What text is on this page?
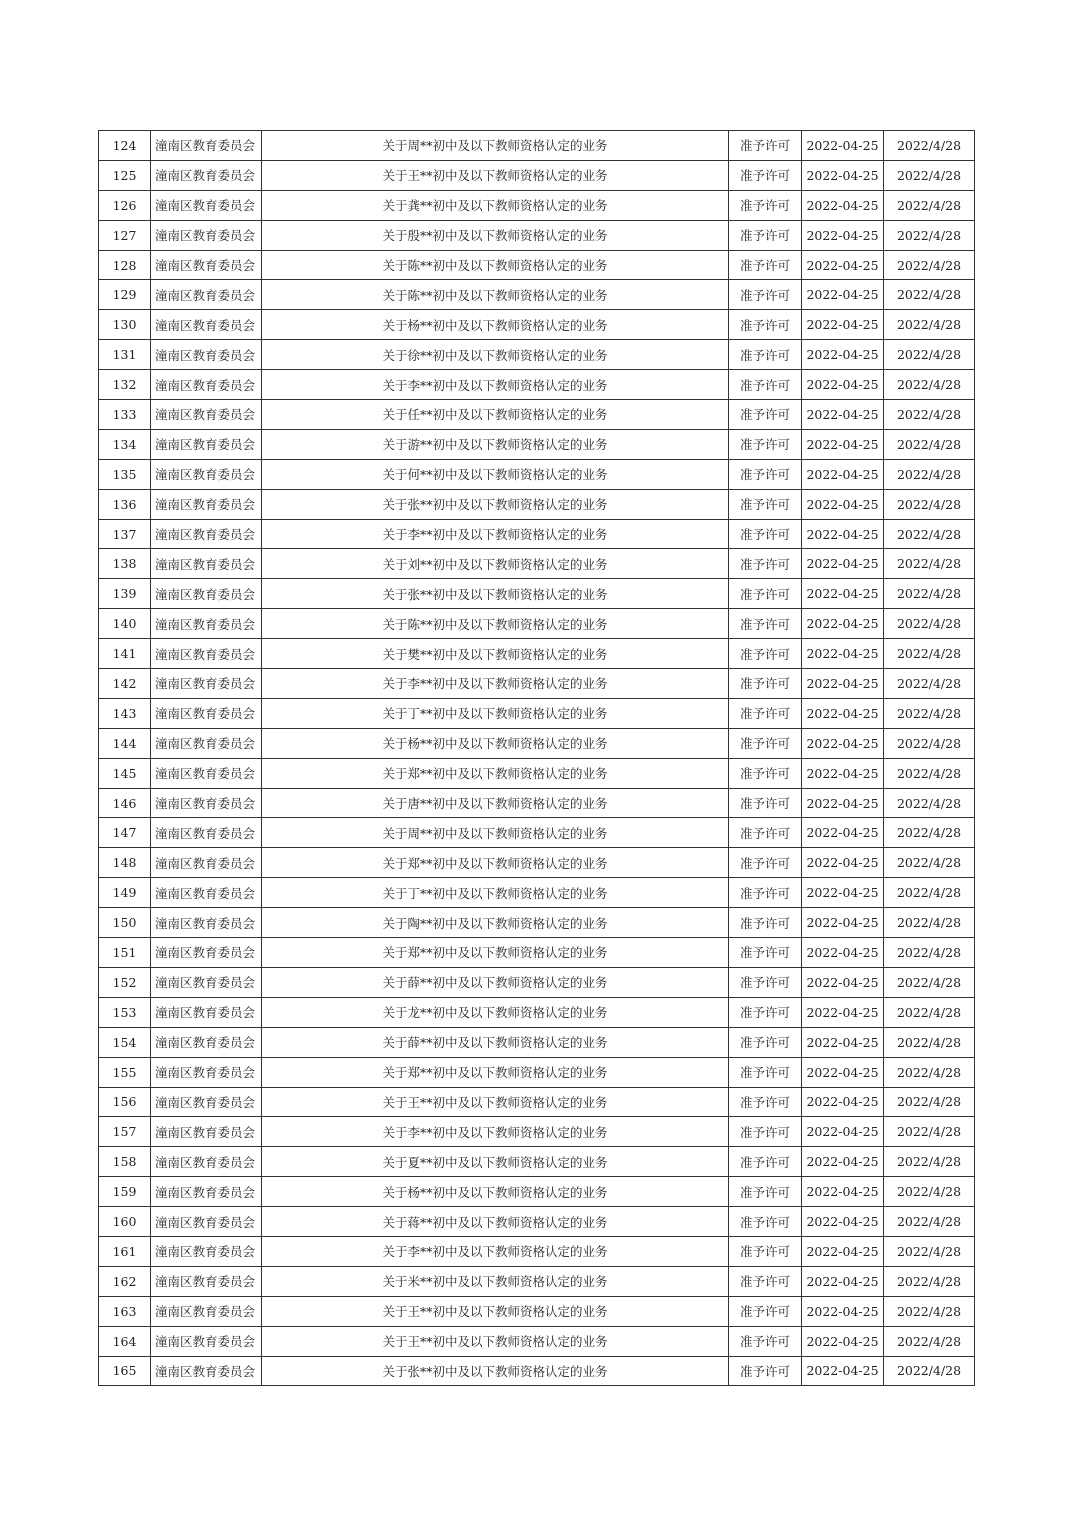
124	潼南区教育委员会	关于周**初中及以下教师资格认定的业务	准予许可	2022-04-25	2022/4/28
125	潼南区教育委员会	关于王**初中及以下教师资格认定的业务	准予许可	2022-04-25	2022/4/28
126	潼南区教育委员会	关于龚**初中及以下教师资格认定的业务	准予许可	2022-04-25	2022/4/28
127	潼南区教育委员会	关于殷**初中及以下教师资格认定的业务	准予许可	2022-04-25	2022/4/28
128	潼南区教育委员会	关于陈**初中及以下教师资格认定的业务	准予许可	2022-04-25	2022/4/28
129	潼南区教育委员会	关于陈**初中及以下教师资格认定的业务	准予许可	2022-04-25	2022/4/28
130	潼南区教育委员会	关于杨**初中及以下教师资格认定的业务	准予许可	2022-04-25	2022/4/28
131	潼南区教育委员会	关于徐**初中及以下教师资格认定的业务	准予许可	2022-04-25	2022/4/28
132	潼南区教育委员会	关于李**初中及以下教师资格认定的业务	准予许可	2022-04-25	2022/4/28
133	潼南区教育委员会	关于任**初中及以下教师资格认定的业务	准予许可	2022-04-25	2022/4/28
134	潼南区教育委员会	关于游**初中及以下教师资格认定的业务	准予许可	2022-04-25	2022/4/28
135	潼南区教育委员会	关于何**初中及以下教师资格认定的业务	准予许可	2022-04-25	2022/4/28
136	潼南区教育委员会	关于张**初中及以下教师资格认定的业务	准予许可	2022-04-25	2022/4/28
137	潼南区教育委员会	关于李**初中及以下教师资格认定的业务	准予许可	2022-04-25	2022/4/28
138	潼南区教育委员会	关于刘**初中及以下教师资格认定的业务	准予许可	2022-04-25	2022/4/28
139	潼南区教育委员会	关于张**初中及以下教师资格认定的业务	准予许可	2022-04-25	2022/4/28
140	潼南区教育委员会	关于陈**初中及以下教师资格认定的业务	准予许可	2022-04-25	2022/4/28
141	潼南区教育委员会	关于樊**初中及以下教师资格认定的业务	准予许可	2022-04-25	2022/4/28
142	潼南区教育委员会	关于李**初中及以下教师资格认定的业务	准予许可	2022-04-25	2022/4/28
143	潼南区教育委员会	关于丁**初中及以下教师资格认定的业务	准予许可	2022-04-25	2022/4/28
144	潼南区教育委员会	关于杨**初中及以下教师资格认定的业务	准予许可	2022-04-25	2022/4/28
145	潼南区教育委员会	关于郑**初中及以下教师资格认定的业务	准予许可	2022-04-25	2022/4/28
146	潼南区教育委员会	关于唐**初中及以下教师资格认定的业务	准予许可	2022-04-25	2022/4/28
147	潼南区教育委员会	关于周**初中及以下教师资格认定的业务	准予许可	2022-04-25	2022/4/28
148	潼南区教育委员会	关于郑**初中及以下教师资格认定的业务	准予许可	2022-04-25	2022/4/28
149	潼南区教育委员会	关于丁**初中及以下教师资格认定的业务	准予许可	2022-04-25	2022/4/28
150	潼南区教育委员会	关于陶**初中及以下教师资格认定的业务	准予许可	2022-04-25	2022/4/28
151	潼南区教育委员会	关于郑**初中及以下教师资格认定的业务	准予许可	2022-04-25	2022/4/28
152	潼南区教育委员会	关于薛**初中及以下教师资格认定的业务	准予许可	2022-04-25	2022/4/28
153	潼南区教育委员会	关于龙**初中及以下教师资格认定的业务	准予许可	2022-04-25	2022/4/28
154	潼南区教育委员会	关于薛**初中及以下教师资格认定的业务	准予许可	2022-04-25	2022/4/28
155	潼南区教育委员会	关于郑**初中及以下教师资格认定的业务	准予许可	2022-04-25	2022/4/28
156	潼南区教育委员会	关于王**初中及以下教师资格认定的业务	准予许可	2022-04-25	2022/4/28
157	潼南区教育委员会	关于李**初中及以下教师资格认定的业务	准予许可	2022-04-25	2022/4/28
158	潼南区教育委员会	关于夏**初中及以下教师资格认定的业务	准予许可	2022-04-25	2022/4/28
159	潼南区教育委员会	关于杨**初中及以下教师资格认定的业务	准予许可	2022-04-25	2022/4/28
160	潼南区教育委员会	关于蒋**初中及以下教师资格认定的业务	准予许可	2022-04-25	2022/4/28
161	潼南区教育委员会	关于李**初中及以下教师资格认定的业务	准予许可	2022-04-25	2022/4/28
162	潼南区教育委员会	关于米**初中及以下教师资格认定的业务	准予许可	2022-04-25	2022/4/28
163	潼南区教育委员会	关于王**初中及以下教师资格认定的业务	准予许可	2022-04-25	2022/4/28
164	潼南区教育委员会	关于王**初中及以下教师资格认定的业务	准予许可	2022-04-25	2022/4/28
165	潼南区教育委员会	关于张**初中及以下教师资格认定的业务	准予许可	2022-04-25	2022/4/28
